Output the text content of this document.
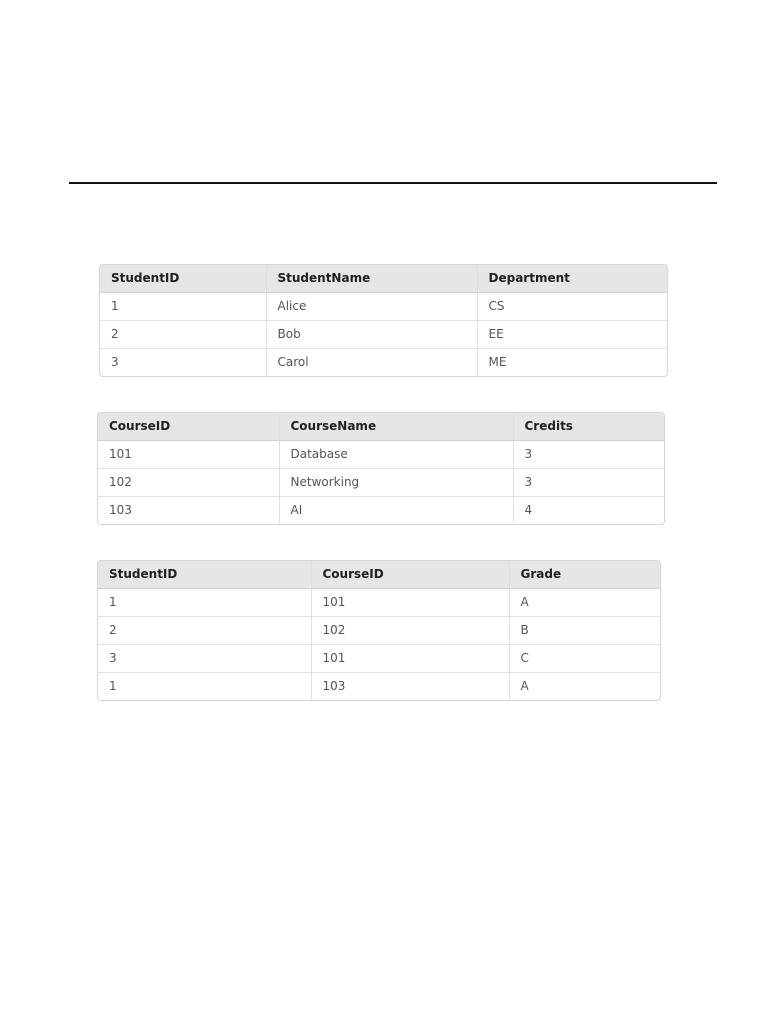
StudentID	StudentName	Department
1	Alice	CS
2	Bob	EE
3	Carol	ME
CourseID	CourseName	Credits
101	Database	3
102	Networking	3
103	AI	4
StudentID	CourseID	Grade
1	101	A
2	102	B
3	101	C
1	103	A
